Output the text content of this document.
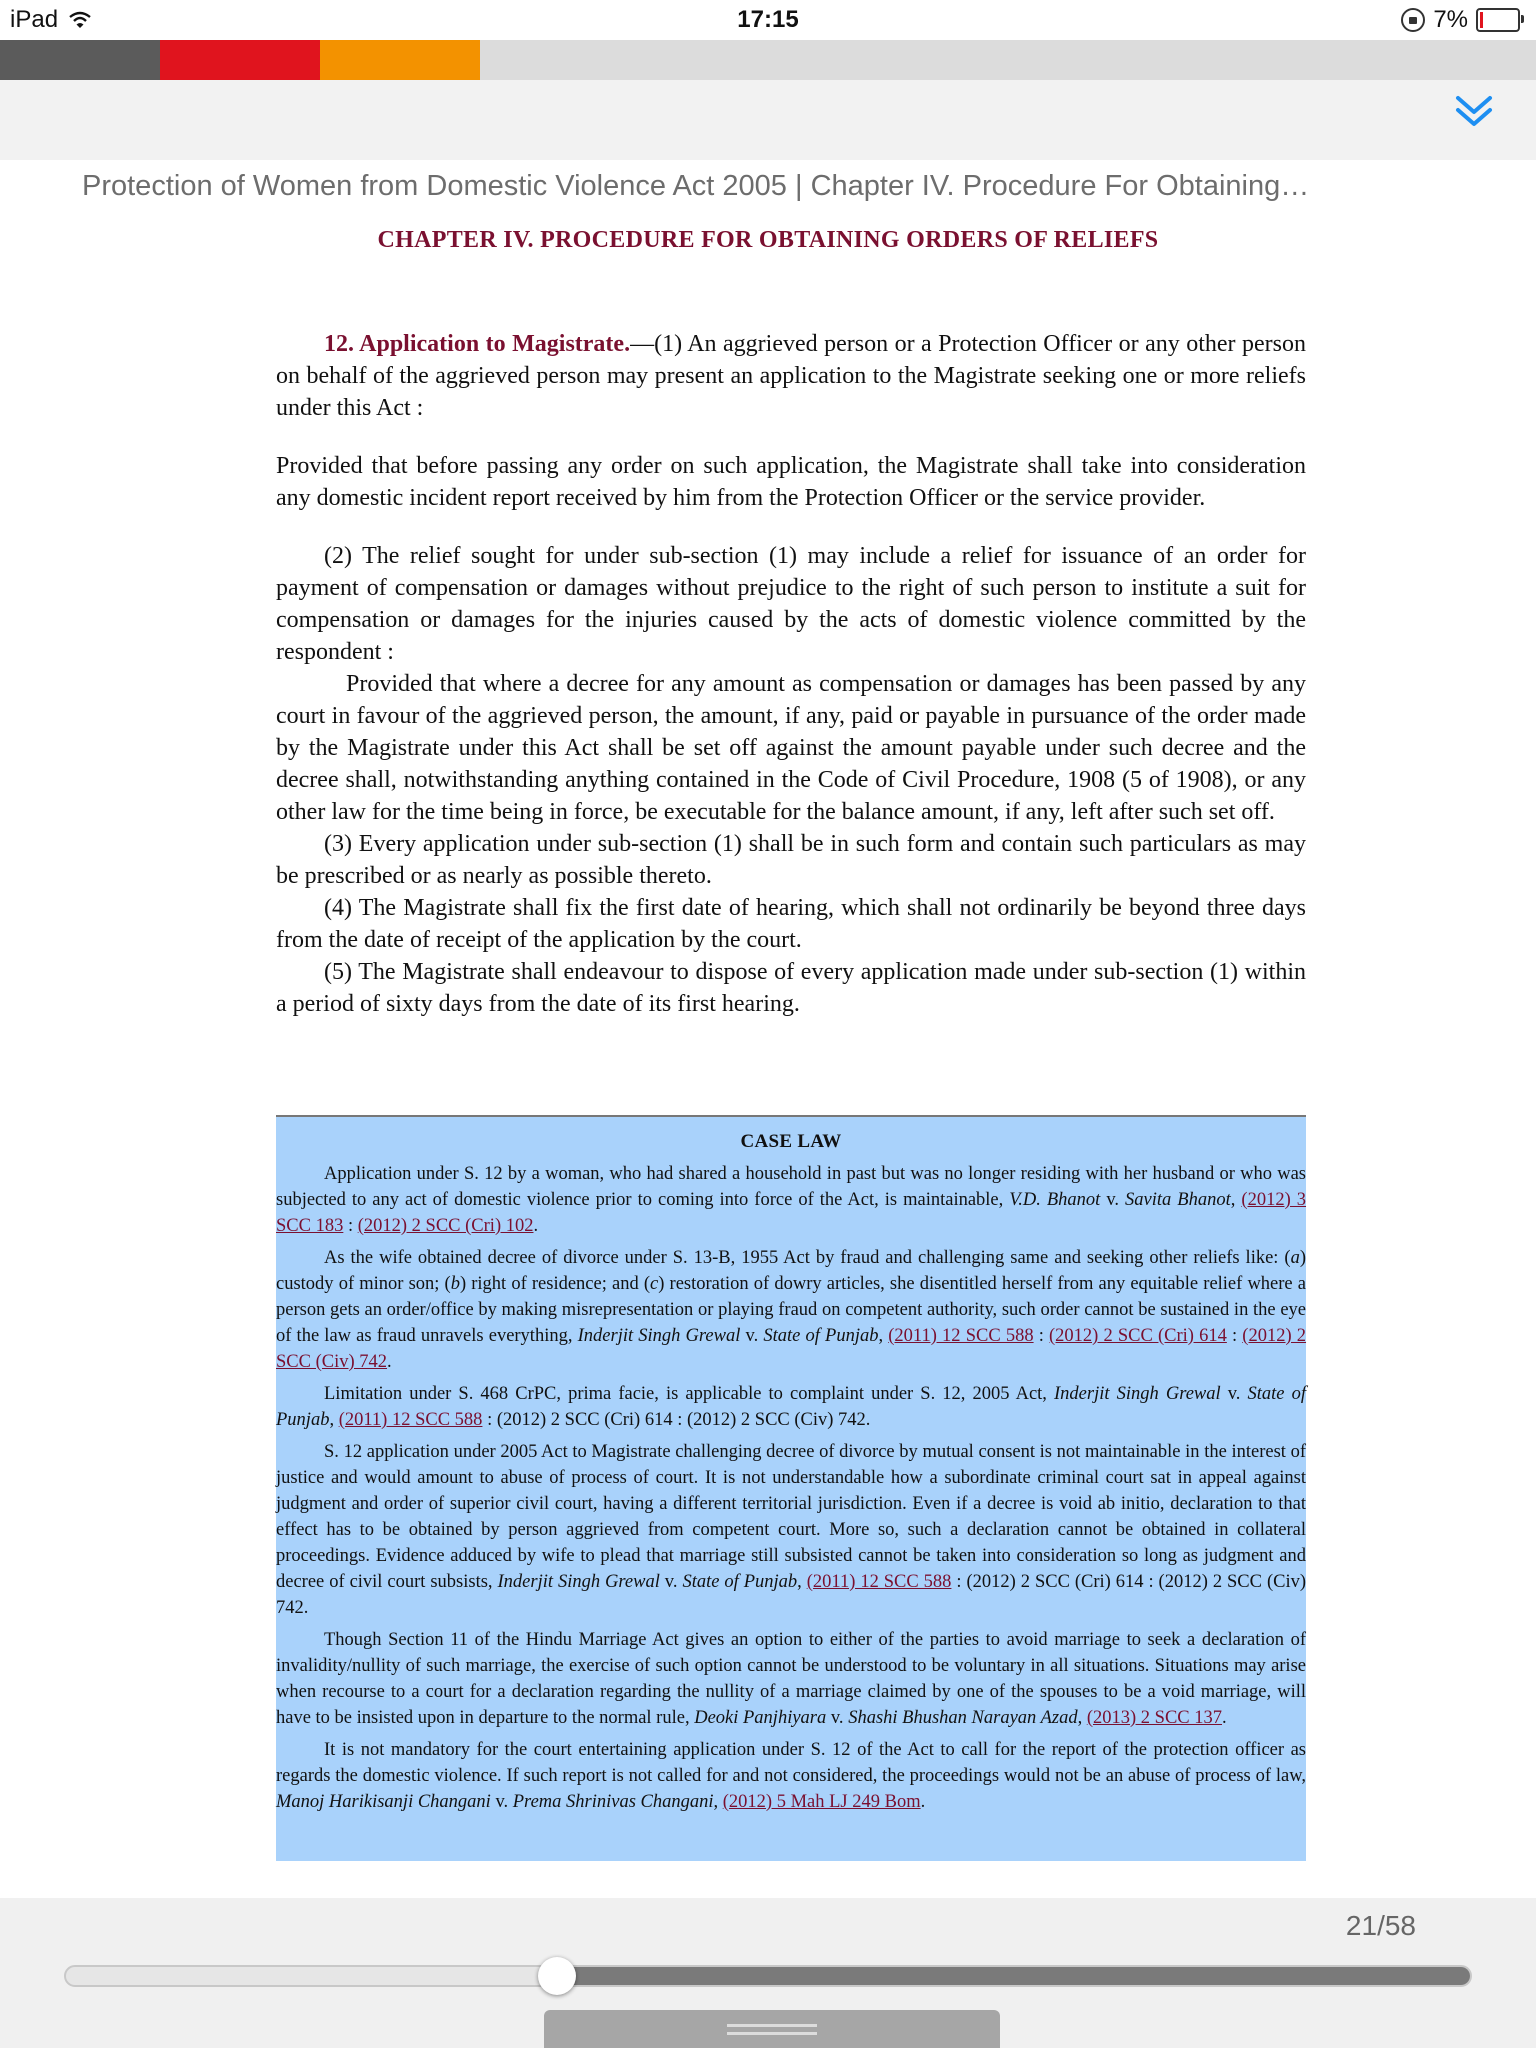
iPad	17:15	7%
Protection of Women from Domestic Violence Act 2005 | Chapter IV. Procedure For Obtaining…
CHAPTER IV. PROCEDURE FOR OBTAINING ORDERS OF RELIEFS

12. Application to Magistrate.—(1) An aggrieved person or a Protection Officer or any other person on behalf of the aggrieved person may present an application to the Magistrate seeking one or more reliefs under this Act :

Provided that before passing any order on such application, the Magistrate shall take into consideration any domestic incident report received by him from the Protection Officer or the service provider.

(2) The relief sought for under sub-section (1) may include a relief for issuance of an order for payment of compensation or damages without prejudice to the right of such person to institute a suit for compensation or damages for the injuries caused by the acts of domestic violence committed by the respondent :

Provided that where a decree for any amount as compensation or damages has been passed by any court in favour of the aggrieved person, the amount, if any, paid or payable in pursuance of the order made by the Magistrate under this Act shall be set off against the amount payable under such decree and the decree shall, notwithstanding anything contained in the Code of Civil Procedure, 1908 (5 of 1908), or any other law for the time being in force, be executable for the balance amount, if any, left after such set off.

(3) Every application under sub-section (1) shall be in such form and contain such particulars as may be prescribed or as nearly as possible thereto.

(4) The Magistrate shall fix the first date of hearing, which shall not ordinarily be beyond three days from the date of receipt of the application by the court.

(5) The Magistrate shall endeavour to dispose of every application made under sub-section (1) within a period of sixty days from the date of its first hearing.

CASE LAW

Application under S. 12 by a woman, who had shared a household in past but was no longer residing with her husband or who was subjected to any act of domestic violence prior to coming into force of the Act, is maintainable, V.D. Bhanot v. Savita Bhanot, (2012) 3 SCC 183 : (2012) 2 SCC (Cri) 102.

As the wife obtained decree of divorce under S. 13-B, 1955 Act by fraud and challenging same and seeking other reliefs like: (a) custody of minor son; (b) right of residence; and (c) restoration of dowry articles, she disentitled herself from any equitable relief where a person gets an order/office by making misrepresentation or playing fraud on competent authority, such order cannot be sustained in the eye of the law as fraud unravels everything, Inderjit Singh Grewal v. State of Punjab, (2011) 12 SCC 588 : (2012) 2 SCC (Cri) 614 : (2012) 2 SCC (Civ) 742.

Limitation under S. 468 CrPC, prima facie, is applicable to complaint under S. 12, 2005 Act, Inderjit Singh Grewal v. State of Punjab, (2011) 12 SCC 588 : (2012) 2 SCC (Cri) 614 : (2012) 2 SCC (Civ) 742.

S. 12 application under 2005 Act to Magistrate challenging decree of divorce by mutual consent is not maintainable in the interest of justice and would amount to abuse of process of court. It is not understandable how a subordinate criminal court sat in appeal against judgment and order of superior civil court, having a different territorial jurisdiction. Even if a decree is void ab initio, declaration to that effect has to be obtained by person aggrieved from competent court. More so, such a declaration cannot be obtained in collateral proceedings. Evidence adduced by wife to plead that marriage still subsisted cannot be taken into consideration so long as judgment and decree of civil court subsists, Inderjit Singh Grewal v. State of Punjab, (2011) 12 SCC 588 : (2012) 2 SCC (Cri) 614 : (2012) 2 SCC (Civ) 742.

Though Section 11 of the Hindu Marriage Act gives an option to either of the parties to avoid marriage to seek a declaration of invalidity/nullity of such marriage, the exercise of such option cannot be understood to be voluntary in all situations. Situations may arise when recourse to a court for a declaration regarding the nullity of a marriage claimed by one of the spouses to be a void marriage, will have to be insisted upon in departure to the normal rule, Deoki Panjhiyara v. Shashi Bhushan Narayan Azad, (2013) 2 SCC 137.

It is not mandatory for the court entertaining application under S. 12 of the Act to call for the report of the protection officer as regards the domestic violence. If such report is not called for and not considered, the proceedings would not be an abuse of process of law, Manoj Harikisanji Changani v. Prema Shrinivas Changani, (2012) 5 Mah LJ 249 Bom.

21/58
